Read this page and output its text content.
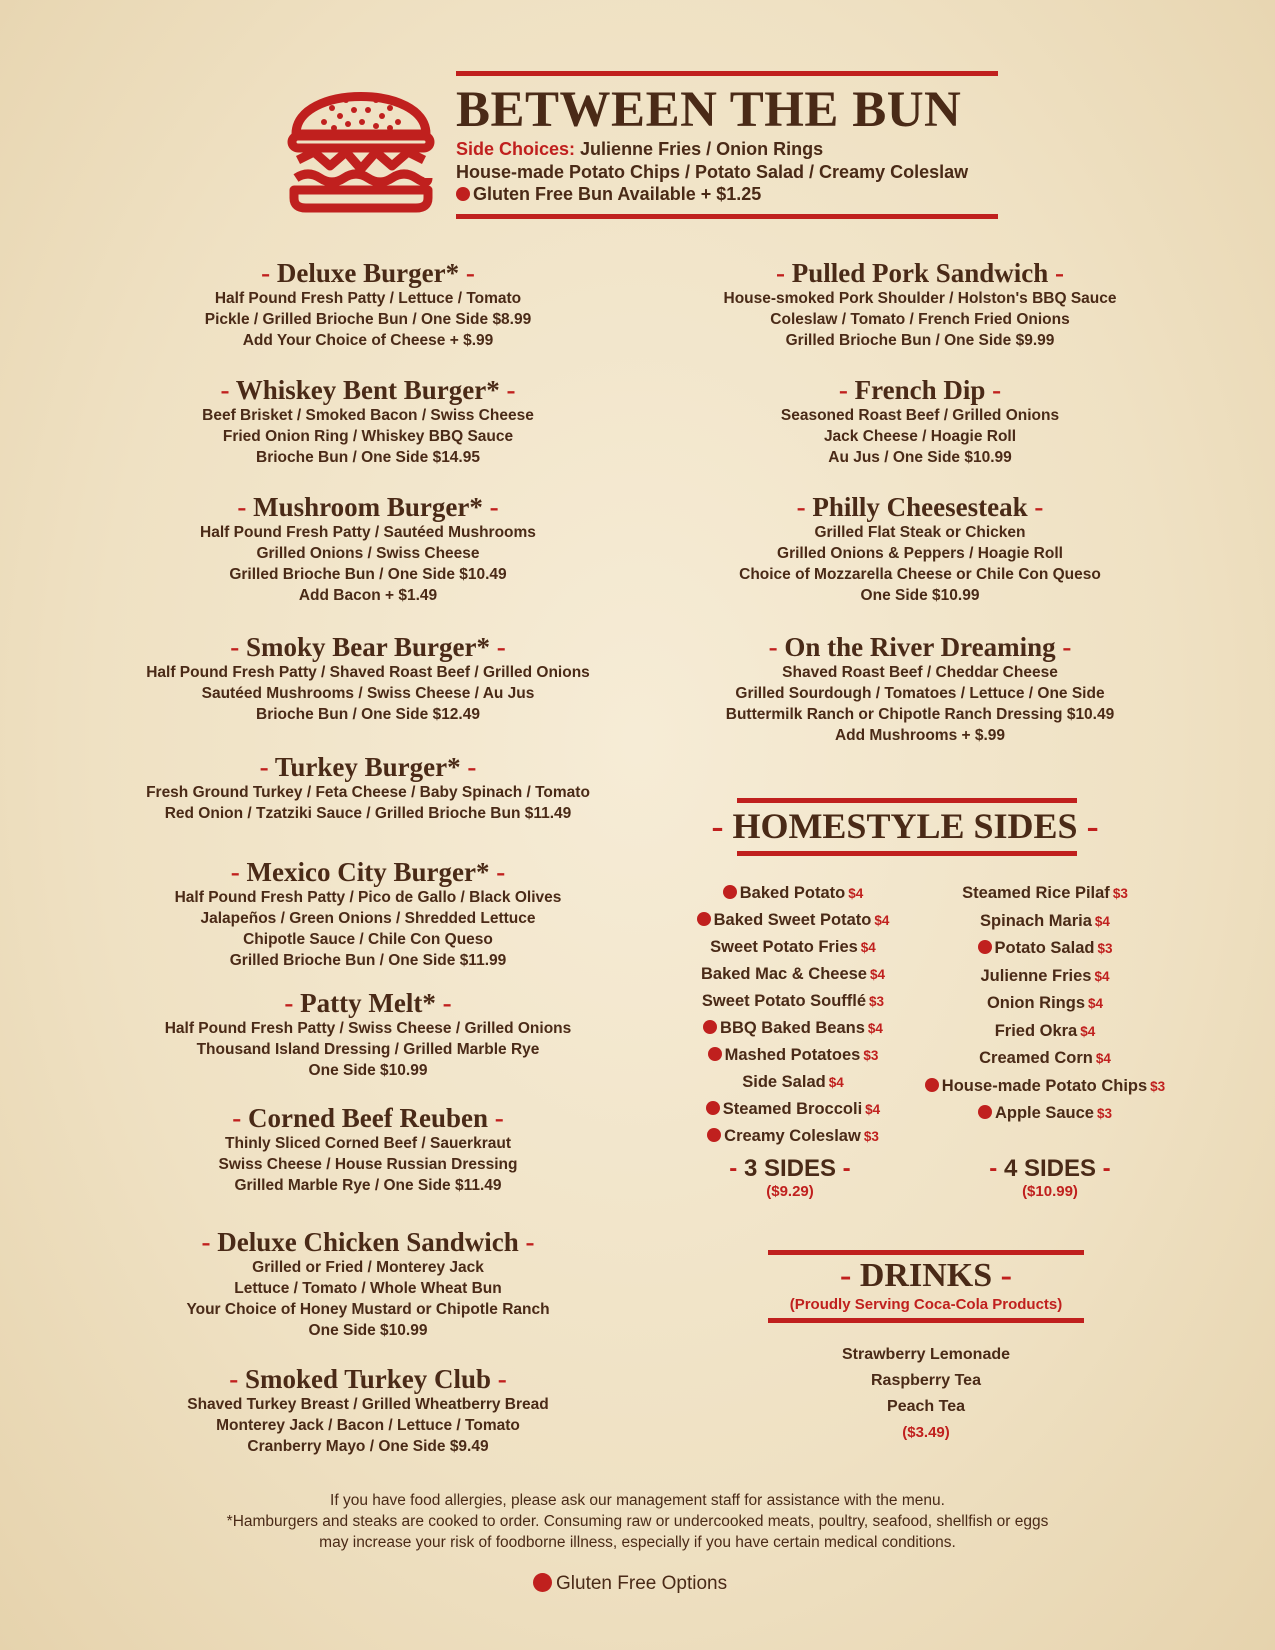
BETWEEN THE BUN
Side Choices: Julienne Fries / Onion Rings
House-made Potato Chips / Potato Salad / Creamy Coleslaw
Gluten Free Bun Available + $1.25
- Deluxe Burger* -
Half Pound Fresh Patty / Lettuce / Tomato
Pickle / Grilled Brioche Bun / One Side $8.99
Add Your Choice of Cheese + $.99
- Whiskey Bent Burger* -
Beef Brisket / Smoked Bacon / Swiss Cheese
Fried Onion Ring / Whiskey BBQ Sauce
Brioche Bun / One Side $14.95
- Mushroom Burger* -
Half Pound Fresh Patty / Sautéed Mushrooms
Grilled Onions / Swiss Cheese
Grilled Brioche Bun / One Side $10.49
Add Bacon + $1.49
- Smoky Bear Burger* -
Half Pound Fresh Patty / Shaved Roast Beef / Grilled Onions
Sautéed Mushrooms / Swiss Cheese / Au Jus
Brioche Bun / One Side $12.49
- Turkey Burger* -
Fresh Ground Turkey / Feta Cheese / Baby Spinach / Tomato
Red Onion / Tzatziki Sauce / Grilled Brioche Bun $11.49
- Mexico City Burger* -
Half Pound Fresh Patty / Pico de Gallo / Black Olives
Jalapeños / Green Onions / Shredded Lettuce
Chipotle Sauce / Chile Con Queso
Grilled Brioche Bun / One Side $11.99
- Patty Melt* -
Half Pound Fresh Patty / Swiss Cheese / Grilled Onions
Thousand Island Dressing / Grilled Marble Rye
One Side $10.99
- Corned Beef Reuben -
Thinly Sliced Corned Beef / Sauerkraut
Swiss Cheese / House Russian Dressing
Grilled Marble Rye / One Side $11.49
- Deluxe Chicken Sandwich -
Grilled or Fried / Monterey Jack
Lettuce / Tomato / Whole Wheat Bun
Your Choice of Honey Mustard or Chipotle Ranch
One Side $10.99
- Smoked Turkey Club -
Shaved Turkey Breast / Grilled Wheatberry Bread
Monterey Jack / Bacon / Lettuce / Tomato
Cranberry Mayo / One Side $9.49
- Pulled Pork Sandwich -
House-smoked Pork Shoulder / Holston's BBQ Sauce
Coleslaw / Tomato / French Fried Onions
Grilled Brioche Bun / One Side $9.99
- French Dip -
Seasoned Roast Beef / Grilled Onions
Jack Cheese / Hoagie Roll
Au Jus / One Side $10.99
- Philly Cheesesteak -
Grilled Flat Steak or Chicken
Grilled Onions & Peppers / Hoagie Roll
Choice of Mozzarella Cheese or Chile Con Queso
One Side $10.99
- On the River Dreaming -
Shaved Roast Beef / Cheddar Cheese
Grilled Sourdough / Tomatoes / Lettuce / One Side
Buttermilk Ranch or Chipotle Ranch Dressing $10.49
Add Mushrooms + $.99
- HOMESTYLE SIDES -
Baked Potato $4
Baked Sweet Potato $4
Sweet Potato Fries $4
Baked Mac & Cheese $4
Sweet Potato Soufflé $3
BBQ Baked Beans $4
Mashed Potatoes $3
Side Salad $4
Steamed Broccoli $4
Creamy Coleslaw $3
Steamed Rice Pilaf $3
Spinach Maria $4
Potato Salad $3
Julienne Fries $4
Onion Rings $4
Fried Okra $4
Creamed Corn $4
House-made Potato Chips $3
Apple Sauce $3
- 3 SIDES -
($9.29)
- 4 SIDES -
($10.99)
- DRINKS -
(Proudly Serving Coca-Cola Products)
Strawberry Lemonade
Raspberry Tea
Peach Tea
($3.49)
If you have food allergies, please ask our management staff for assistance with the menu.
*Hamburgers and steaks are cooked to order. Consuming raw or undercooked meats, poultry, seafood, shellfish or eggs
may increase your risk of foodborne illness, especially if you have certain medical conditions.
Gluten Free Options
